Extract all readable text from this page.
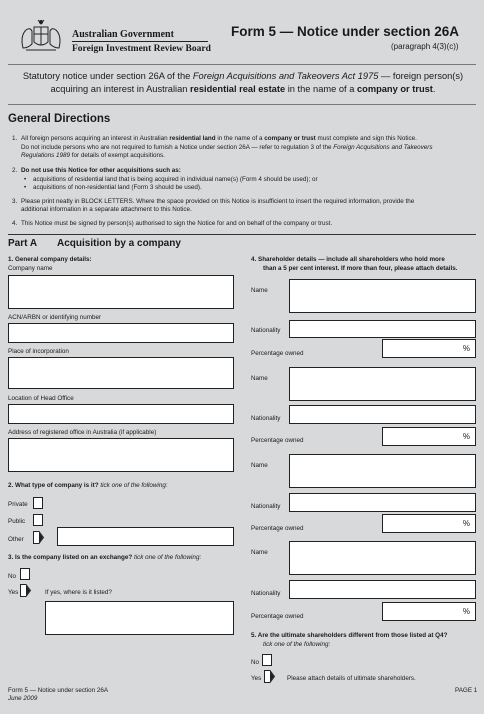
Australian Government
Foreign Investment Review Board
Form 5 — Notice under section 26A
(paragraph 4(3)(c))
Statutory notice under section 26A of the Foreign Acquisitions and Takeovers Act 1975 — foreign person(s) acquiring an interest in Australian residential real estate in the name of a company or trust.
General Directions
1. All foreign persons acquiring an interest in Australian residential land in the name of a company or trust must complete and sign this Notice.
Do not include persons who are not required to furnish a Notice under section 26A — refer to regulation 3 of the Foreign Acquisitions and Takeovers
Regulations 1989 for details of exempt acquisitions.
2. Do not use this Notice for other acquisitions such as:
• acquisitions of residential land that is being acquired in individual name(s) (Form 4 should be used); or
• acquisitions of non-residential land (Form 3 should be used).
3. Please print neatly in BLOCK LETTERS. Where the space provided on this Notice is insufficient to insert the required information, provide the
additional information in a separate attachment to this Notice.
4. This Notice must be signed by person(s) authorised to sign the Notice for and on behalf of the company or trust.
Part A Acquisition by a company
1. General company details:
Company name
ACN/ARBN or identifying number
Place of incorporation
Location of Head Office
Address of registered office in Australia (if applicable)
2. What type of company is it? tick one of the following:
Private
Public
Other
3. Is the company listed on an exchange? tick one of the following:
No
Yes	If yes, where is it listed?
4. Shareholder details — include all shareholders who hold more
than a 5 per cent interest. If more than four, please attach details.
Name
Nationality
Percentage owned
%
Name
Nationality
Percentage owned	%
Name
Nationality
Percentage owned
%
Name
Nationality
Percentage owned
%
5. Are the ultimate shareholders different from those listed at Q4?
tick one of the following:
No
Yes	Please attach details of ultimate shareholders.
Form 5 — Notice under section 26A
June 2009
PAGE 1
